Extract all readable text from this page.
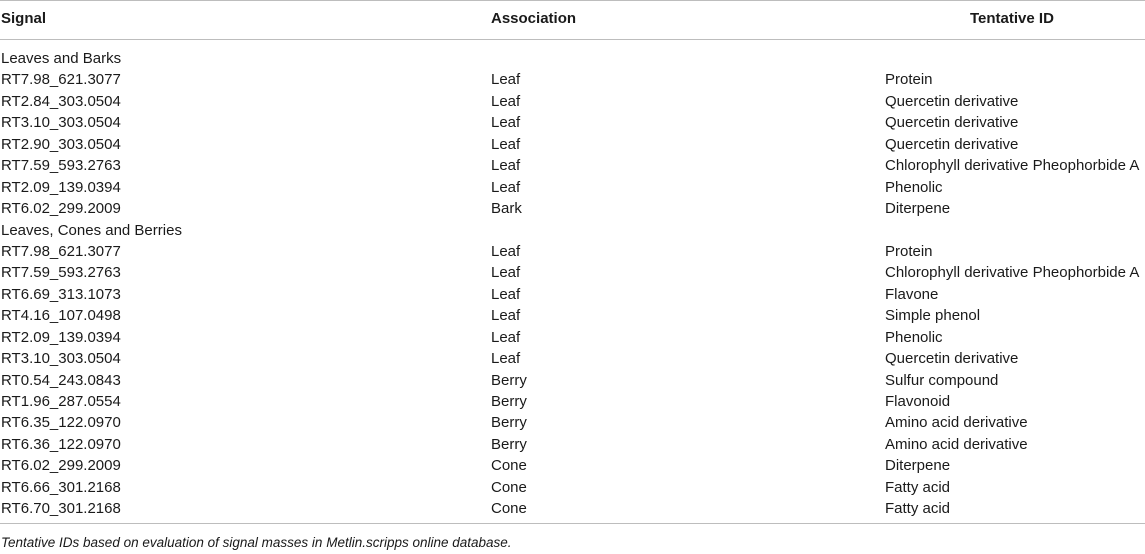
Signal	Association	Tentative ID
Leaves and Barks
RT7.98_621.3077	Leaf	Protein
RT2.84_303.0504	Leaf	Quercetin derivative
RT3.10_303.0504	Leaf	Quercetin derivative
RT2.90_303.0504	Leaf	Quercetin derivative
RT7.59_593.2763	Leaf	Chlorophyll derivative Pheophorbide A
RT2.09_139.0394	Leaf	Phenolic
RT6.02_299.2009	Bark	Diterpene
Leaves, Cones and Berries
RT7.98_621.3077	Leaf	Protein
RT7.59_593.2763	Leaf	Chlorophyll derivative Pheophorbide A
RT6.69_313.1073	Leaf	Flavone
RT4.16_107.0498	Leaf	Simple phenol
RT2.09_139.0394	Leaf	Phenolic
RT3.10_303.0504	Leaf	Quercetin derivative
RT0.54_243.0843	Berry	Sulfur compound
RT1.96_287.0554	Berry	Flavonoid
RT6.35_122.0970	Berry	Amino acid derivative
RT6.36_122.0970	Berry	Amino acid derivative
RT6.02_299.2009	Cone	Diterpene
RT6.66_301.2168	Cone	Fatty acid
RT6.70_301.2168	Cone	Fatty acid
Tentative IDs based on evaluation of signal masses in Metlin.scripps online database.
